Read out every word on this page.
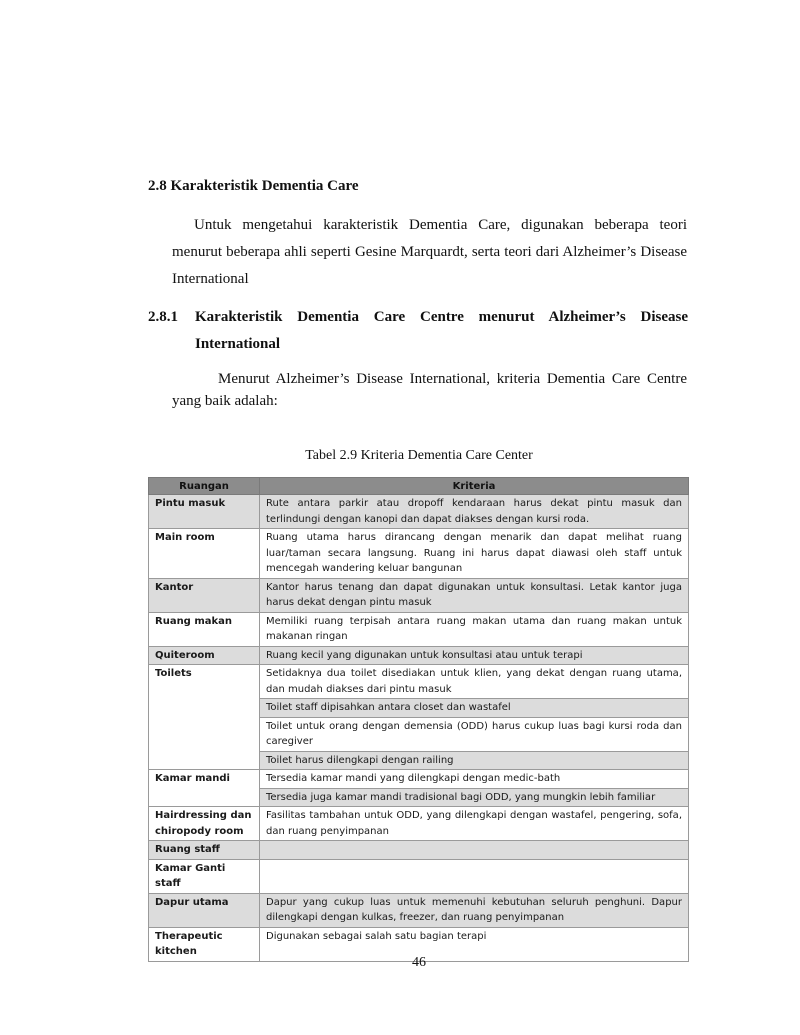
2.8 Karakteristik Dementia Care
Untuk mengetahui karakteristik Dementia Care, digunakan beberapa teori menurut beberapa ahli seperti Gesine Marquardt, serta teori dari Alzheimer’s Disease International
2.8.1 Karakteristik Dementia Care Centre menurut Alzheimer’s Disease International
Menurut Alzheimer’s Disease International, kriteria Dementia Care Centre yang baik adalah:
Tabel 2.9 Kriteria Dementia Care Center
Ruangan	Kriteria
Pintu masuk	Rute antara parkir atau dropoff kendaraan harus dekat pintu masuk dan terlindungi dengan kanopi dan dapat diakses dengan kursi roda.
Main room	Ruang utama harus dirancang dengan menarik dan dapat melihat ruang luar/taman secara langsung. Ruang ini harus dapat diawasi oleh staff untuk mencegah wandering keluar bangunan
Kantor	Kantor harus tenang dan dapat digunakan untuk konsultasi. Letak kantor juga harus dekat dengan pintu masuk
Ruang makan	Memiliki ruang terpisah antara ruang makan utama dan ruang makan untuk makanan ringan
Quiteroom	Ruang kecil yang digunakan untuk konsultasi atau untuk terapi
Toilets	Setidaknya dua toilet disediakan untuk klien, yang dekat dengan ruang utama, dan mudah diakses dari pintu masuk
	Toilet staff dipisahkan antara closet dan wastafel
	Toilet untuk orang dengan demensia (ODD) harus cukup luas bagi kursi roda dan caregiver
	Toilet harus dilengkapi dengan railing
Kamar mandi	Tersedia kamar mandi yang dilengkapi dengan medic-bath
	Tersedia juga kamar mandi tradisional bagi ODD, yang mungkin lebih familiar
Hairdressing dan chiropody room	Fasilitas tambahan untuk ODD, yang dilengkapi dengan wastafel, pengering, sofa, dan ruang penyimpanan
Ruang staff	
Kamar Ganti staff	
Dapur utama	Dapur yang cukup luas untuk memenuhi kebutuhan seluruh penghuni. Dapur dilengkapi dengan kulkas, freezer, dan ruang penyimpanan
Therapeutic kitchen	Digunakan sebagai salah satu bagian terapi
46
